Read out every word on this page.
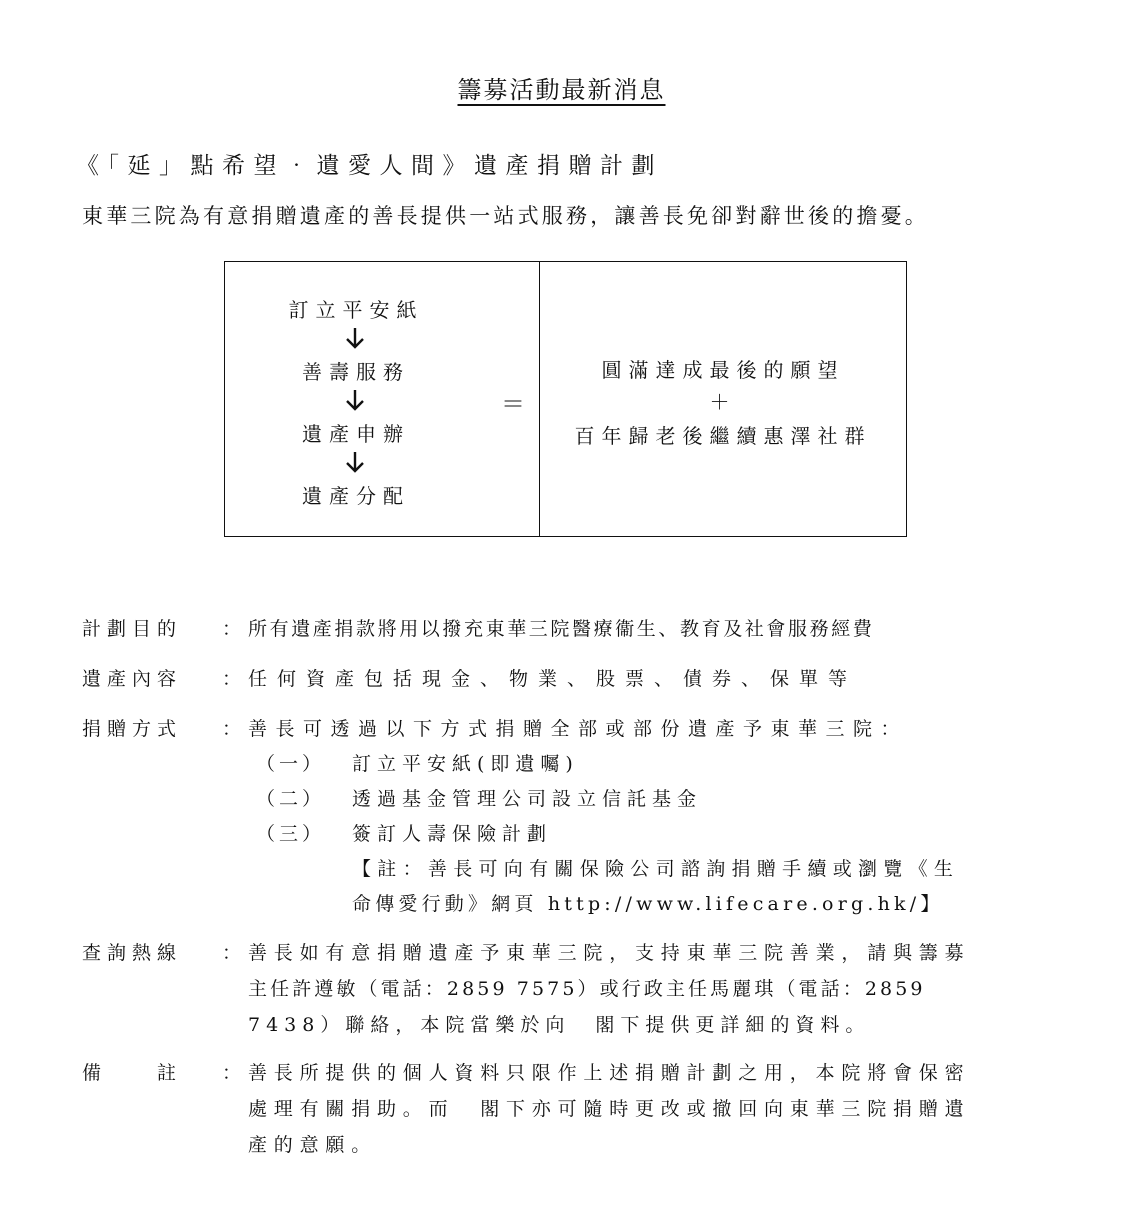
籌募活動最新消息
《「延」點希望‧遺愛人間》遺產捐贈計劃
東華三院為有意捐贈遺產的善長提供一站式服務，讓善長免卻對辭世後的擔憂。
訂立平安紙
善壽服務
遺產申辦
遺產分配
＝
圓滿達成最後的願望
＋
百年歸老後繼續惠澤社群
計劃目的 ： 所有遺產捐款將用以撥充東華三院醫療衞生、教育及社會服務經費
遺產內容 ： 任何資產包括現金、物業、股票、債券、保單等
捐贈方式 ： 善長可透過以下方式捐贈全部或部份遺產予東華三院：
（一） 訂立平安紙(即遺囑)
（二） 透過基金管理公司設立信託基金
（三） 簽訂人壽保險計劃
【註：善長可向有關保險公司諮詢捐贈手續或瀏覽《生
命傳愛行動》網頁 http://www.lifecare.org.hk/】
查詢熱線 ： 善長如有意捐贈遺產予東華三院，支持東華三院善業，請與籌募
主任許遵敏（電話：2859 7575）或行政主任馬麗琪（電話：2859
7438）聯絡，本院當樂於向　閣下提供更詳細的資料。
備　　註 ： 善長所提供的個人資料只限作上述捐贈計劃之用，本院將會保密
處理有關捐助。而　閣下亦可隨時更改或撤回向東華三院捐贈遺
產的意願。
